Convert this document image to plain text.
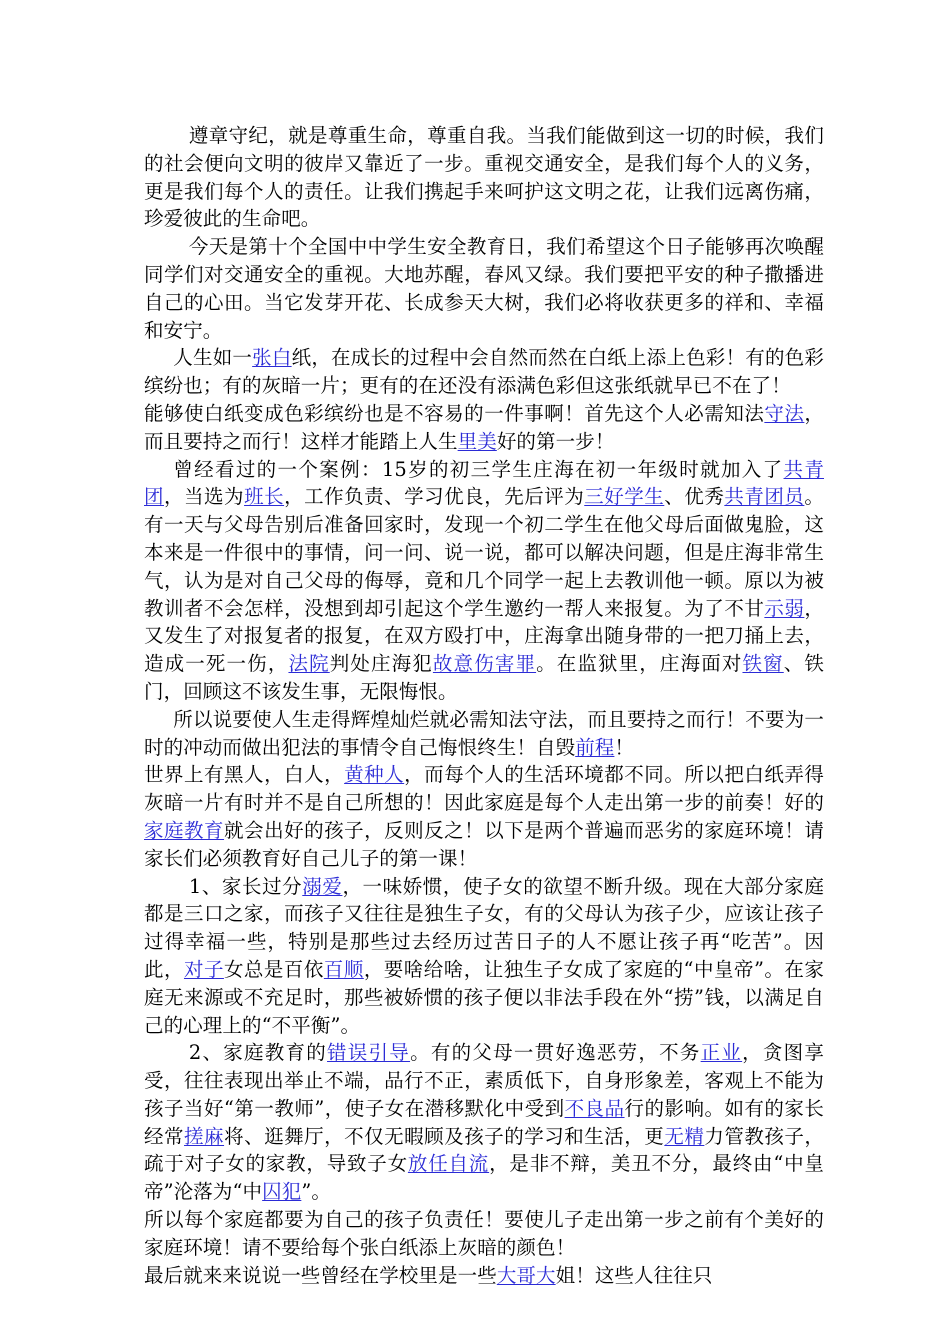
遵章守纪，就是尊重生命，尊重自我。当我们能做到这一切的时候，我们的社会便向文明的彼岸又靠近了一步。重视交通安全，是我们每个人的义务，更是我们每个人的责任。让我们携起手来呵护这文明之花，让我们远离伤痛，珍爱彼此的生命吧。

今天是第十个全国中中学生安全教育日，我们希望这个日子能够再次唤醒同学们对交通安全的重视。大地苏醒，春风又绿。我们要把平安的种子撒播进自己的心田。当它发芽开花、长成参天大树，我们必将收获更多的祥和、幸福和安宁。

人生如一张白纸，在成长的过程中会自然而然在白纸上添上色彩！有的色彩缤纷也；有的灰暗一片；更有的在还没有添满色彩但这张纸就早已不在了！

能够使白纸变成色彩缤纷也是不容易的一件事啊！首先这个人必需知法守法，而且要持之而行！这样才能踏上人生里美好的第一步！

曾经看过的一个案例：15岁的初三学生庄海在初一年级时就加入了共青团，当选为班长，工作负责、学习优良，先后评为三好学生、优秀共青团员。有一天与父母告别后准备回家时，发现一个初二学生在他父母后面做鬼脸，这本来是一件很中的事情，问一问、说一说，都可以解决问题，但是庄海非常生气，认为是对自己父母的侮辱，竟和几个同学一起上去教训他一顿。原以为被教训者不会怎样，没想到却引起这个学生邀约一帮人来报复。为了不甘示弱，又发生了对报复者的报复，在双方殴打中，庄海拿出随身带的一把刀捅上去，造成一死一伤，法院判处庄海犯故意伤害罪。在监狱里，庄海面对铁窗、铁门，回顾这不该发生事，无限悔恨。

所以说要使人生走得辉煌灿烂就必需知法守法，而且要持之而行！不要为一时的冲动而做出犯法的事情令自己悔恨终生！自毁前程！

世界上有黑人，白人，黄种人，而每个人的生活环境都不同。所以把白纸弄得灰暗一片有时并不是自己所想的！因此家庭是每个人走出第一步的前奏！好的家庭教育就会出好的孩子，反则反之！以下是两个普遍而恶劣的家庭环境！请家长们必须教育好自己儿子的第一课！

1、家长过分溺爱，一味娇惯，使子女的欲望不断升级。现在大部分家庭都是三口之家，而孩子又往往是独生子女，有的父母认为孩子少，应该让孩子过得幸福一些，特别是那些过去经历过苦日子的人不愿让孩子再“吃苦”。因此，对子女总是百依百顺，要啥给啥，让独生子女成了家庭的“中皇帝”。在家庭无来源或不充足时，那些被娇惯的孩子便以非法手段在外“捞”钱，以满足自己的心理上的“不平衡”。

2、家庭教育的错误引导。有的父母一贯好逸恶劳，不务正业，贪图享受，往往表现出举止不端，品行不正，素质低下，自身形象差，客观上不能为孩子当好“第一教师”，使子女在潜移默化中受到不良品行的影响。如有的家长经常搓麻将、逛舞厅，不仅无暇顾及孩子的学习和生活，更无精力管教孩子，疏于对子女的家教，导致子女放任自流，是非不辩，美丑不分，最终由“中皇帝”沦落为“中囚犯”。

所以每个家庭都要为自己的孩子负责任！要使儿子走出第一步之前有个美好的家庭环境！请不要给每个张白纸添上灰暗的颜色！

最后就来来说说一些曾经在学校里是一些大哥大姐！这些人往往只
